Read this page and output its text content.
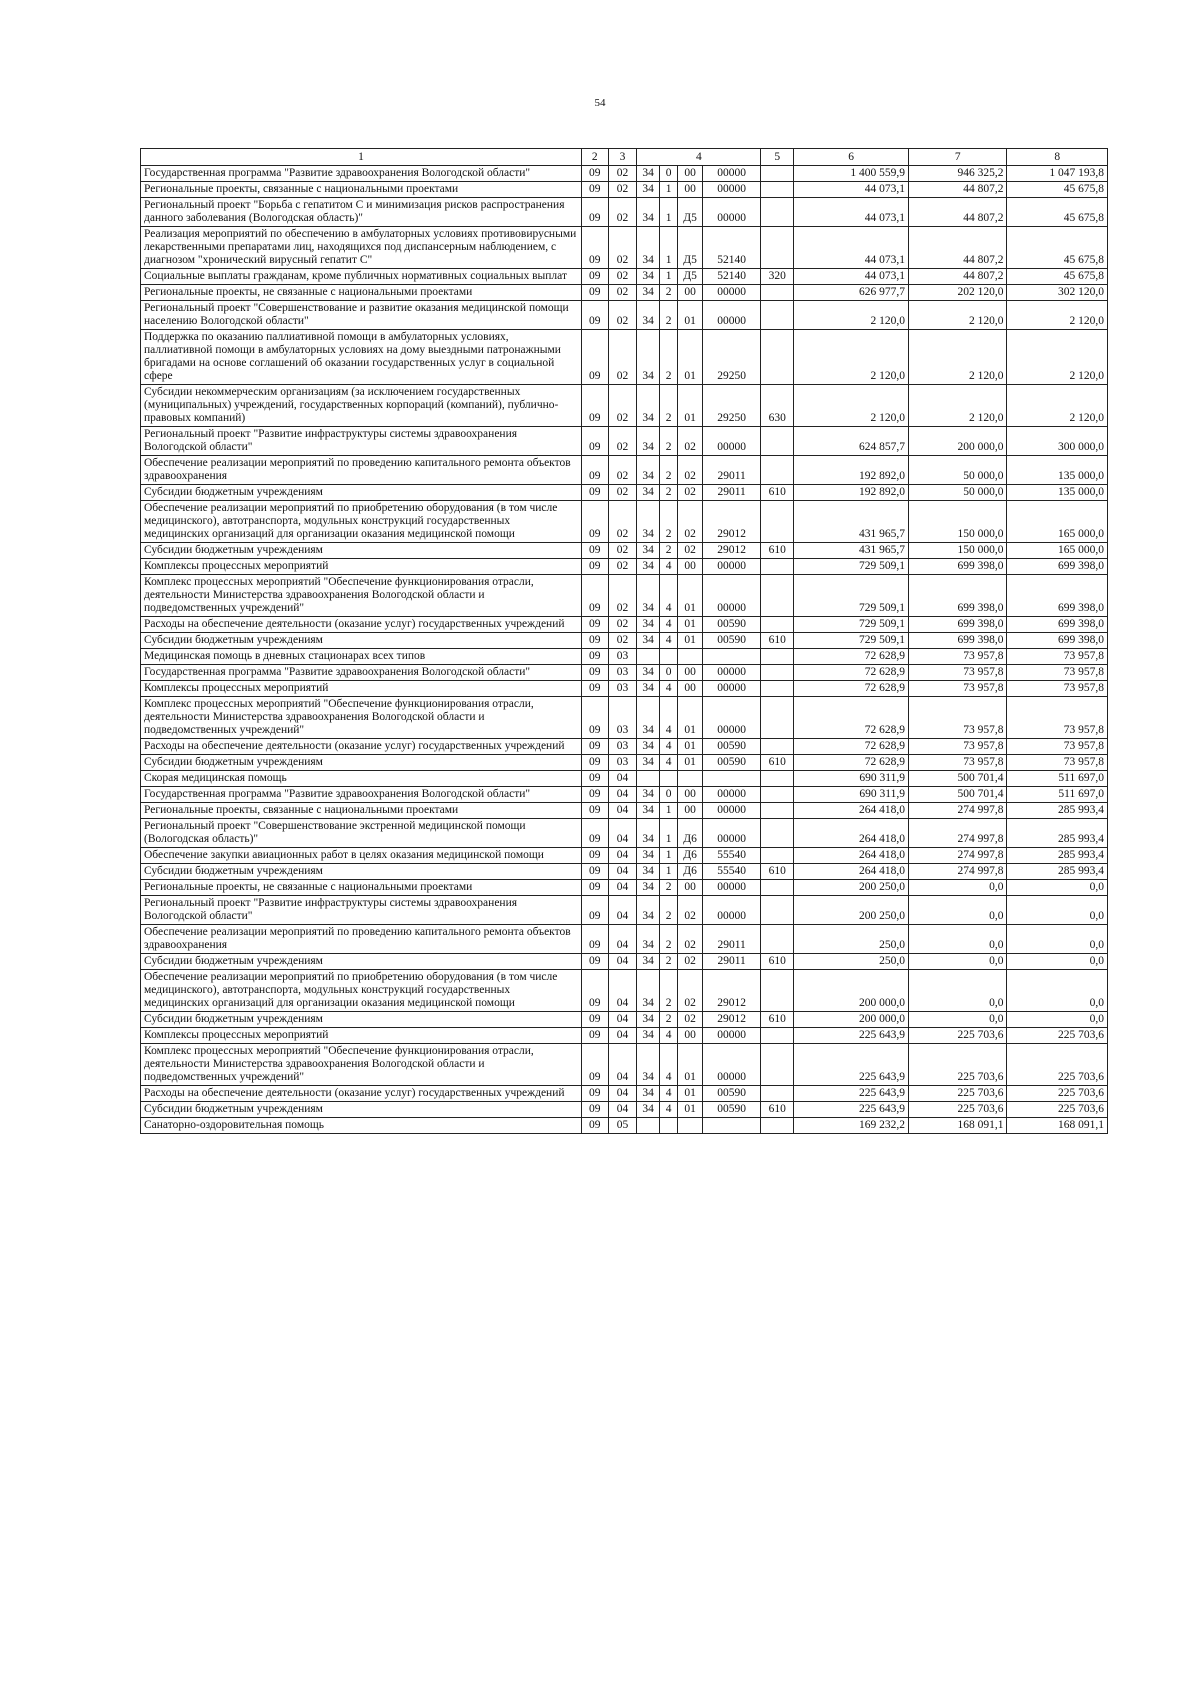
54
1	2	3	4				5	6	7	8
Государственная программа "Развитие здравоохранения Вологодской области"	09	02	34	0	00	00000		1 400 559,9	946 325,2	1 047 193,8
Региональные проекты, связанные с национальными проектами	09	02	34	1	00	00000		44 073,1	44 807,2	45 675,8
Региональный проект "Борьба с гепатитом С и минимизация рисков распространения данного заболевания (Вологодская область)"	09	02	34	1	Д5	00000		44 073,1	44 807,2	45 675,8
Реализация мероприятий по обеспечению в амбулаторных условиях противовирусными лекарственными препаратами лиц, находящихся под диспансерным наблюдением, с диагнозом "хронический вирусный гепатит С"	09	02	34	1	Д5	52140		44 073,1	44 807,2	45 675,8
Социальные выплаты гражданам, кроме публичных нормативных социальных выплат	09	02	34	1	Д5	52140	320	44 073,1	44 807,2	45 675,8
Региональные проекты, не связанные с национальными проектами	09	02	34	2	00	00000		626 977,7	202 120,0	302 120,0
Региональный проект "Совершенствование и развитие оказания медицинской помощи населению Вологодской области"	09	02	34	2	01	00000		2 120,0	2 120,0	2 120,0
Поддержка по оказанию паллиативной помощи в амбулаторных условиях, паллиативной помощи в амбулаторных условиях на дому выездными патронажными бригадами на основе соглашений об оказании государственных услуг в социальной сфере	09	02	34	2	01	29250		2 120,0	2 120,0	2 120,0
Субсидии некоммерческим организациям (за исключением государственных (муниципальных) учреждений, государственных корпораций (компаний), публично-правовых компаний)	09	02	34	2	01	29250	630	2 120,0	2 120,0	2 120,0
Региональный проект "Развитие инфраструктуры системы здравоохранения Вологодской области"	09	02	34	2	02	00000		624 857,7	200 000,0	300 000,0
Обеспечение реализации мероприятий по проведению капитального ремонта объектов здравоохранения	09	02	34	2	02	29011		192 892,0	50 000,0	135 000,0
Субсидии бюджетным учреждениям	09	02	34	2	02	29011	610	192 892,0	50 000,0	135 000,0
Обеспечение реализации мероприятий по приобретению оборудования (в том числе медицинского), автотранспорта, модульных конструкций государственных медицинских организаций для организации оказания медицинской помощи	09	02	34	2	02	29012		431 965,7	150 000,0	165 000,0
Субсидии бюджетным учреждениям	09	02	34	2	02	29012	610	431 965,7	150 000,0	165 000,0
Комплексы процессных мероприятий	09	02	34	4	00	00000		729 509,1	699 398,0	699 398,0
Комплекс процессных мероприятий "Обеспечение функционирования отрасли, деятельности Министерства здравоохранения Вологодской области и подведомственных учреждений"	09	02	34	4	01	00000		729 509,1	699 398,0	699 398,0
Расходы на обеспечение деятельности (оказание услуг) государственных учреждений	09	02	34	4	01	00590		729 509,1	699 398,0	699 398,0
Субсидии бюджетным учреждениям	09	02	34	4	01	00590	610	729 509,1	699 398,0	699 398,0
Медицинская помощь в дневных стационарах всех типов	09	03						72 628,9	73 957,8	73 957,8
Государственная программа "Развитие здравоохранения Вологодской области"	09	03	34	0	00	00000		72 628,9	73 957,8	73 957,8
Комплексы процессных мероприятий	09	03	34	4	00	00000		72 628,9	73 957,8	73 957,8
Комплекс процессных мероприятий "Обеспечение функционирования отрасли, деятельности Министерства здравоохранения Вологодской области и подведомственных учреждений"	09	03	34	4	01	00000		72 628,9	73 957,8	73 957,8
Расходы на обеспечение деятельности (оказание услуг) государственных учреждений	09	03	34	4	01	00590		72 628,9	73 957,8	73 957,8
Субсидии бюджетным учреждениям	09	03	34	4	01	00590	610	72 628,9	73 957,8	73 957,8
Скорая медицинская помощь	09	04						690 311,9	500 701,4	511 697,0
Государственная программа "Развитие здравоохранения Вологодской области"	09	04	34	0	00	00000		690 311,9	500 701,4	511 697,0
Региональные проекты, связанные с национальными проектами	09	04	34	1	00	00000		264 418,0	274 997,8	285 993,4
Региональный проект "Совершенствование экстренной медицинской помощи (Вологодская область)"	09	04	34	1	Д6	00000		264 418,0	274 997,8	285 993,4
Обеспечение закупки авиационных работ в целях оказания медицинской помощи	09	04	34	1	Д6	55540		264 418,0	274 997,8	285 993,4
Субсидии бюджетным учреждениям	09	04	34	1	Д6	55540	610	264 418,0	274 997,8	285 993,4
Региональные проекты, не связанные с национальными проектами	09	04	34	2	00	00000		200 250,0	0,0	0,0
Региональный проект "Развитие инфраструктуры системы здравоохранения Вологодской области"	09	04	34	2	02	00000		200 250,0	0,0	0,0
Обеспечение реализации мероприятий по проведению капитального ремонта объектов здравоохранения	09	04	34	2	02	29011		250,0	0,0	0,0
Субсидии бюджетным учреждениям	09	04	34	2	02	29011	610	250,0	0,0	0,0
Обеспечение реализации мероприятий по приобретению оборудования (в том числе медицинского), автотранспорта, модульных конструкций государственных медицинских организаций для организации оказания медицинской помощи	09	04	34	2	02	29012		200 000,0	0,0	0,0
Субсидии бюджетным учреждениям	09	04	34	2	02	29012	610	200 000,0	0,0	0,0
Комплексы процессных мероприятий	09	04	34	4	00	00000		225 643,9	225 703,6	225 703,6
Комплекс процессных мероприятий "Обеспечение функционирования отрасли, деятельности Министерства здравоохранения Вологодской области и подведомственных учреждений"	09	04	34	4	01	00000		225 643,9	225 703,6	225 703,6
Расходы на обеспечение деятельности (оказание услуг) государственных учреждений	09	04	34	4	01	00590		225 643,9	225 703,6	225 703,6
Субсидии бюджетным учреждениям	09	04	34	4	01	00590	610	225 643,9	225 703,6	225 703,6
Санаторно-оздоровительная помощь	09	05						169 232,2	168 091,1	168 091,1
